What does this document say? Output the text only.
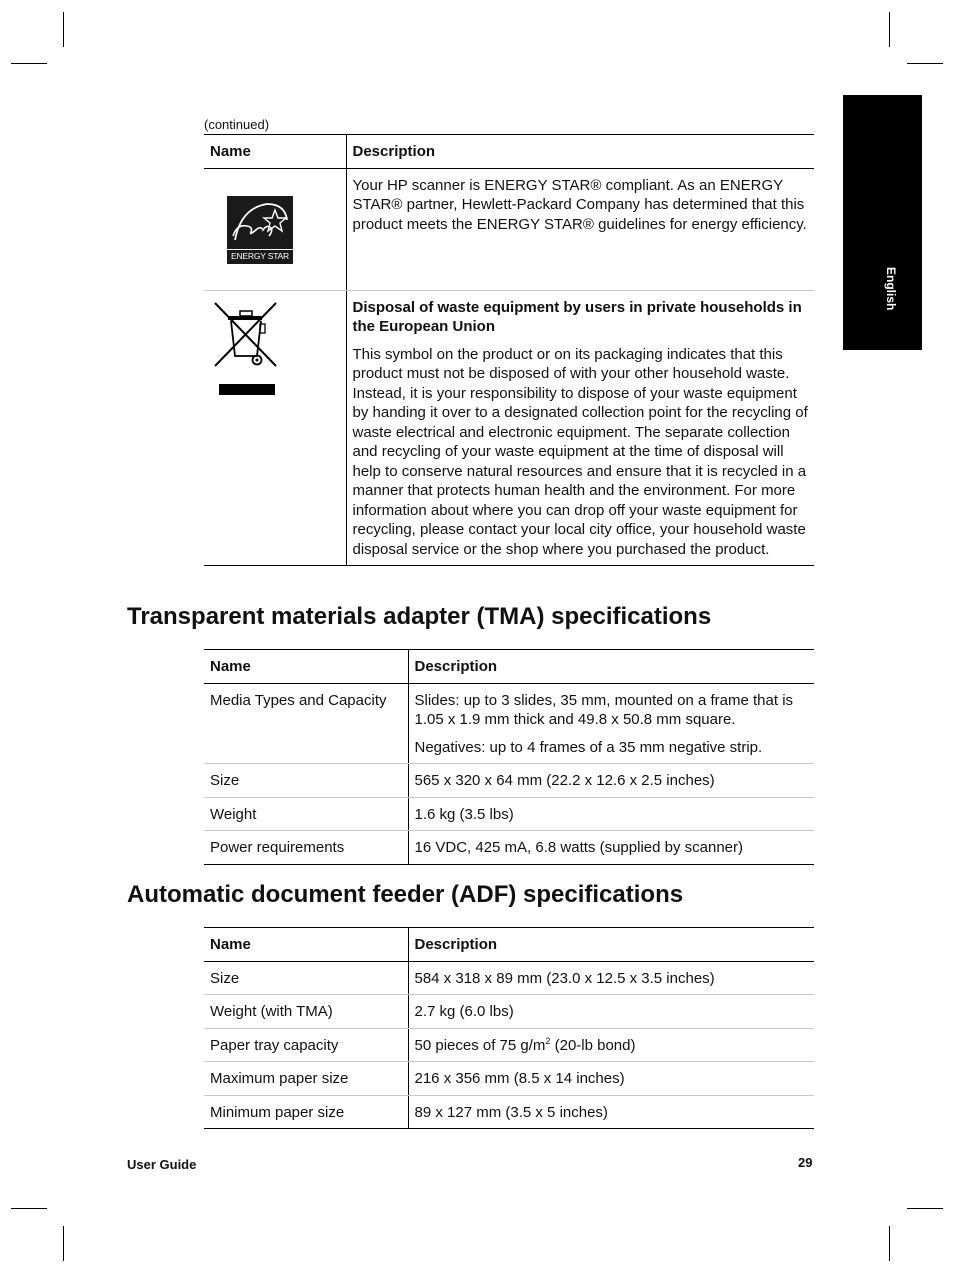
English
(continued)
Name	Description

ENERGY STAR	Your HP scanner is ENERGY STAR® compliant. As an ENERGY STAR® partner, Hewlett-Packard Company has determined that this product meets the ENERGY STAR® guidelines for energy efficiency.

Disposal of waste equipment by users in private households in the European Union

This symbol on the product or on its packaging indicates that this product must not be disposed of with your other household waste. Instead, it is your responsibility to dispose of your waste equipment by handing it over to a designated collection point for the recycling of waste electrical and electronic equipment. The separate collection and recycling of your waste equipment at the time of disposal will help to conserve natural resources and ensure that it is recycled in a manner that protects human health and the environment. For more information about where you can drop off your waste equipment for recycling, please contact your local city office, your household waste disposal service or the shop where you purchased the product.

Transparent materials adapter (TMA) specifications
Name	Description
Media Types and Capacity	Slides: up to 3 slides, 35 mm, mounted on a frame that is 1.05 x 1.9 mm thick and 49.8 x 50.8 mm square.

Negatives: up to 4 frames of a 35 mm negative strip.

Size	565 x 320 x 64 mm (22.2 x 12.6 x 2.5 inches)
Weight	1.6 kg (3.5 lbs)
Power requirements	16 VDC, 425 mA, 6.8 watts (supplied by scanner)
Automatic document feeder (ADF) specifications
Name	Description
Size	584 x 318 x 89 mm (23.0 x 12.5 x 3.5 inches)
Weight (with TMA)	2.7 kg (6.0 lbs)
Paper tray capacity	50 pieces of 75 $g/m^2$ (20-lb bond)
Maximum paper size	216 x 356 mm (8.5 x 14 inches)
Minimum paper size	89 x 127 mm (3.5 x 5 inches)
User Guide	29
